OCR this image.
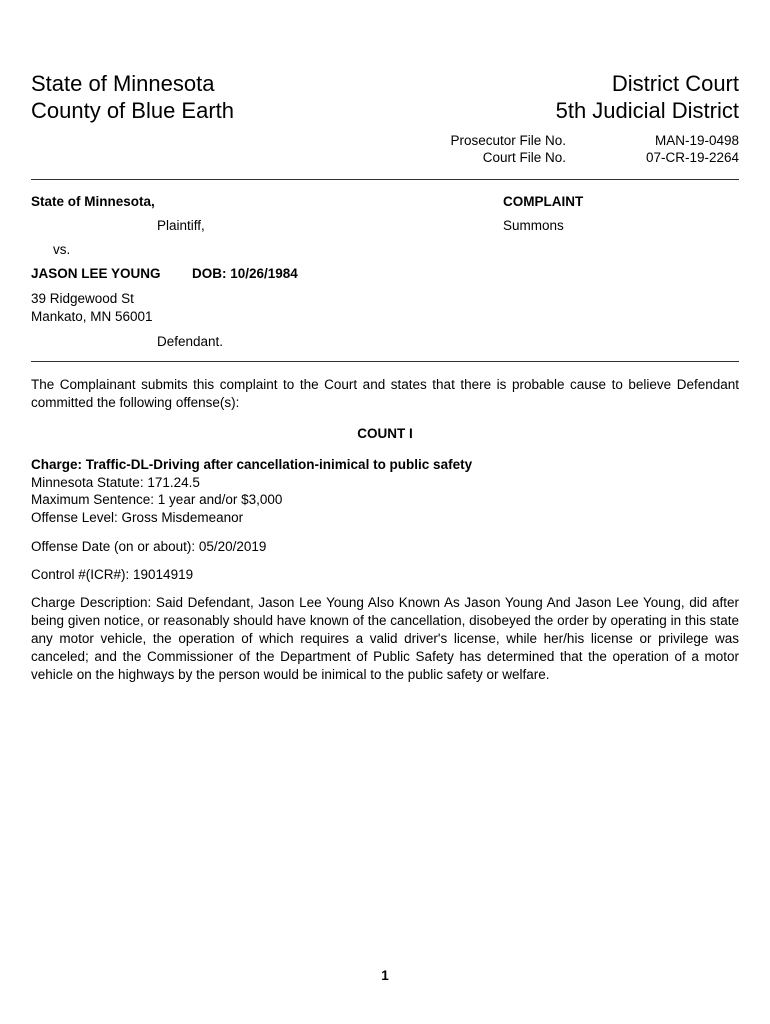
State of Minnesota
County of Blue Earth
District Court
5th Judicial District
Prosecutor File No.	MAN-19-0498
Court File No.	07-CR-19-2264
State of Minnesota,
Plaintiff,
vs.
JASON LEE YOUNG DOB: 10/26/1984
39 Ridgewood St
Mankato, MN 56001
Defendant.
COMPLAINT
Summons
The Complainant submits this complaint to the Court and states that there is probable cause to believe Defendant committed the following offense(s):
COUNT I
Charge: Traffic-DL-Driving after cancellation-inimical to public safety
Minnesota Statute: 171.24.5
Maximum Sentence: 1 year and/or $3,000
Offense Level: Gross Misdemeanor
Offense Date (on or about): 05/20/2019
Control #(ICR#): 19014919
Charge Description: Said Defendant, Jason Lee Young Also Known As Jason Young And Jason Lee Young, did after being given notice, or reasonably should have known of the cancellation, disobeyed the order by operating in this state any motor vehicle, the operation of which requires a valid driver's license, while her/his license or privilege was canceled; and the Commissioner of the Department of Public Safety has determined that the operation of a motor vehicle on the highways by the person would be inimical to the public safety or welfare.
1
